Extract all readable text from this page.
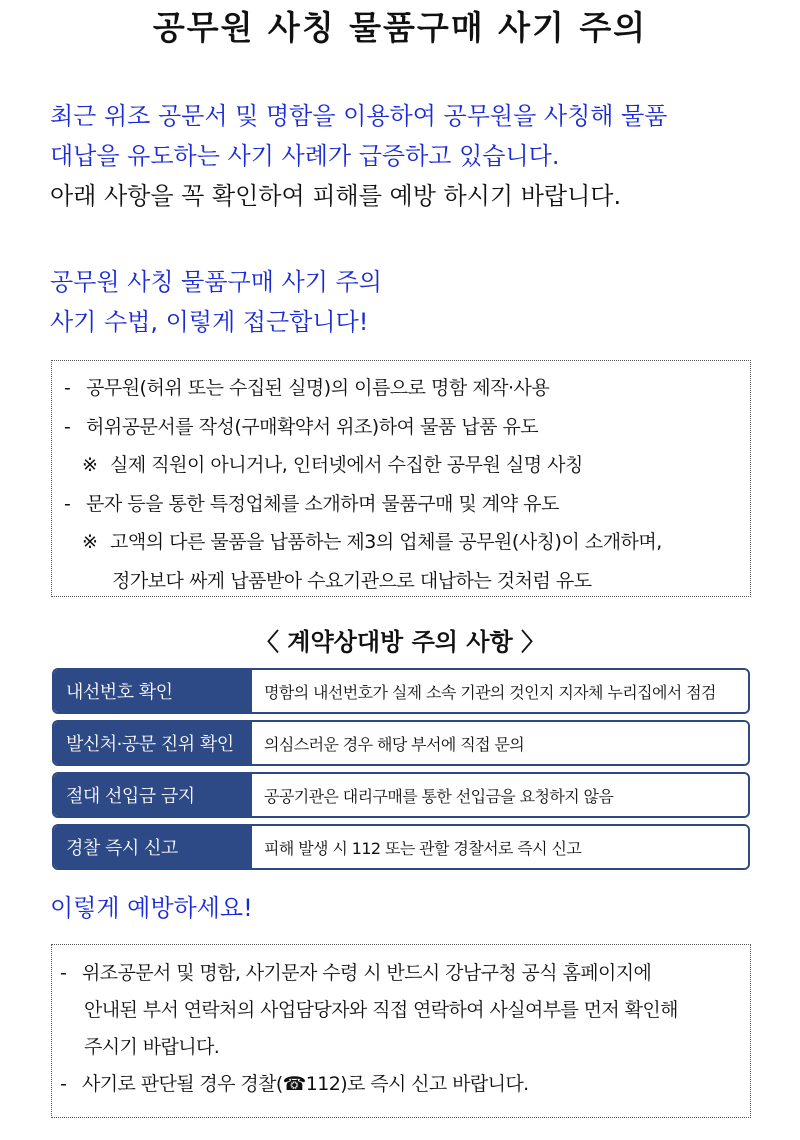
공무원 사칭 물품구매 사기 주의
최근 위조 공문서 및 명함을 이용하여 공무원을 사칭해 물품
대납을 유도하는 사기 사례가 급증하고 있습니다.
아래 사항을 꼭 확인하여 피해를 예방 하시기 바랍니다.
공무원 사칭 물품구매 사기 주의
사기 수법, 이렇게 접근합니다!
- 공무원(허위 또는 수집된 실명)의 이름으로 명함 제작·사용
- 허위공문서를 작성(구매확약서 위조)하여 물품 납품 유도
※ 실제 직원이 아니거나, 인터넷에서 수집한 공무원 실명 사칭
- 문자 등을 통한 특정업체를 소개하며 물품구매 및 계약 유도
※ 고액의 다른 물품을 납품하는 제3의 업체를 공무원(사칭)이 소개하며,
정가보다 싸게 납품받아 수요기관으로 대납하는 것처럼 유도
〈 계약상대방 주의 사항 〉
내선번호 확인	명함의 내선번호가 실제 소속 기관의 것인지 지자체 누리집에서 점검
발신처·공문 진위 확인	의심스러운 경우 해당 부서에 직접 문의
절대 선입금 금지	공공기관은 대리구매를 통한 선입금을 요청하지 않음
경찰 즉시 신고	피해 발생 시 112 또는 관할 경찰서로 즉시 신고
이렇게 예방하세요!
- 위조공문서 및 명함, 사기문자 수령 시 반드시 강남구청 공식 홈페이지에
안내된 부서 연락처의 사업담당자와 직접 연락하여 사실여부를 먼저 확인해
주시기 바랍니다.
- 사기로 판단될 경우 경찰(☎112)로 즉시 신고 바랍니다.
